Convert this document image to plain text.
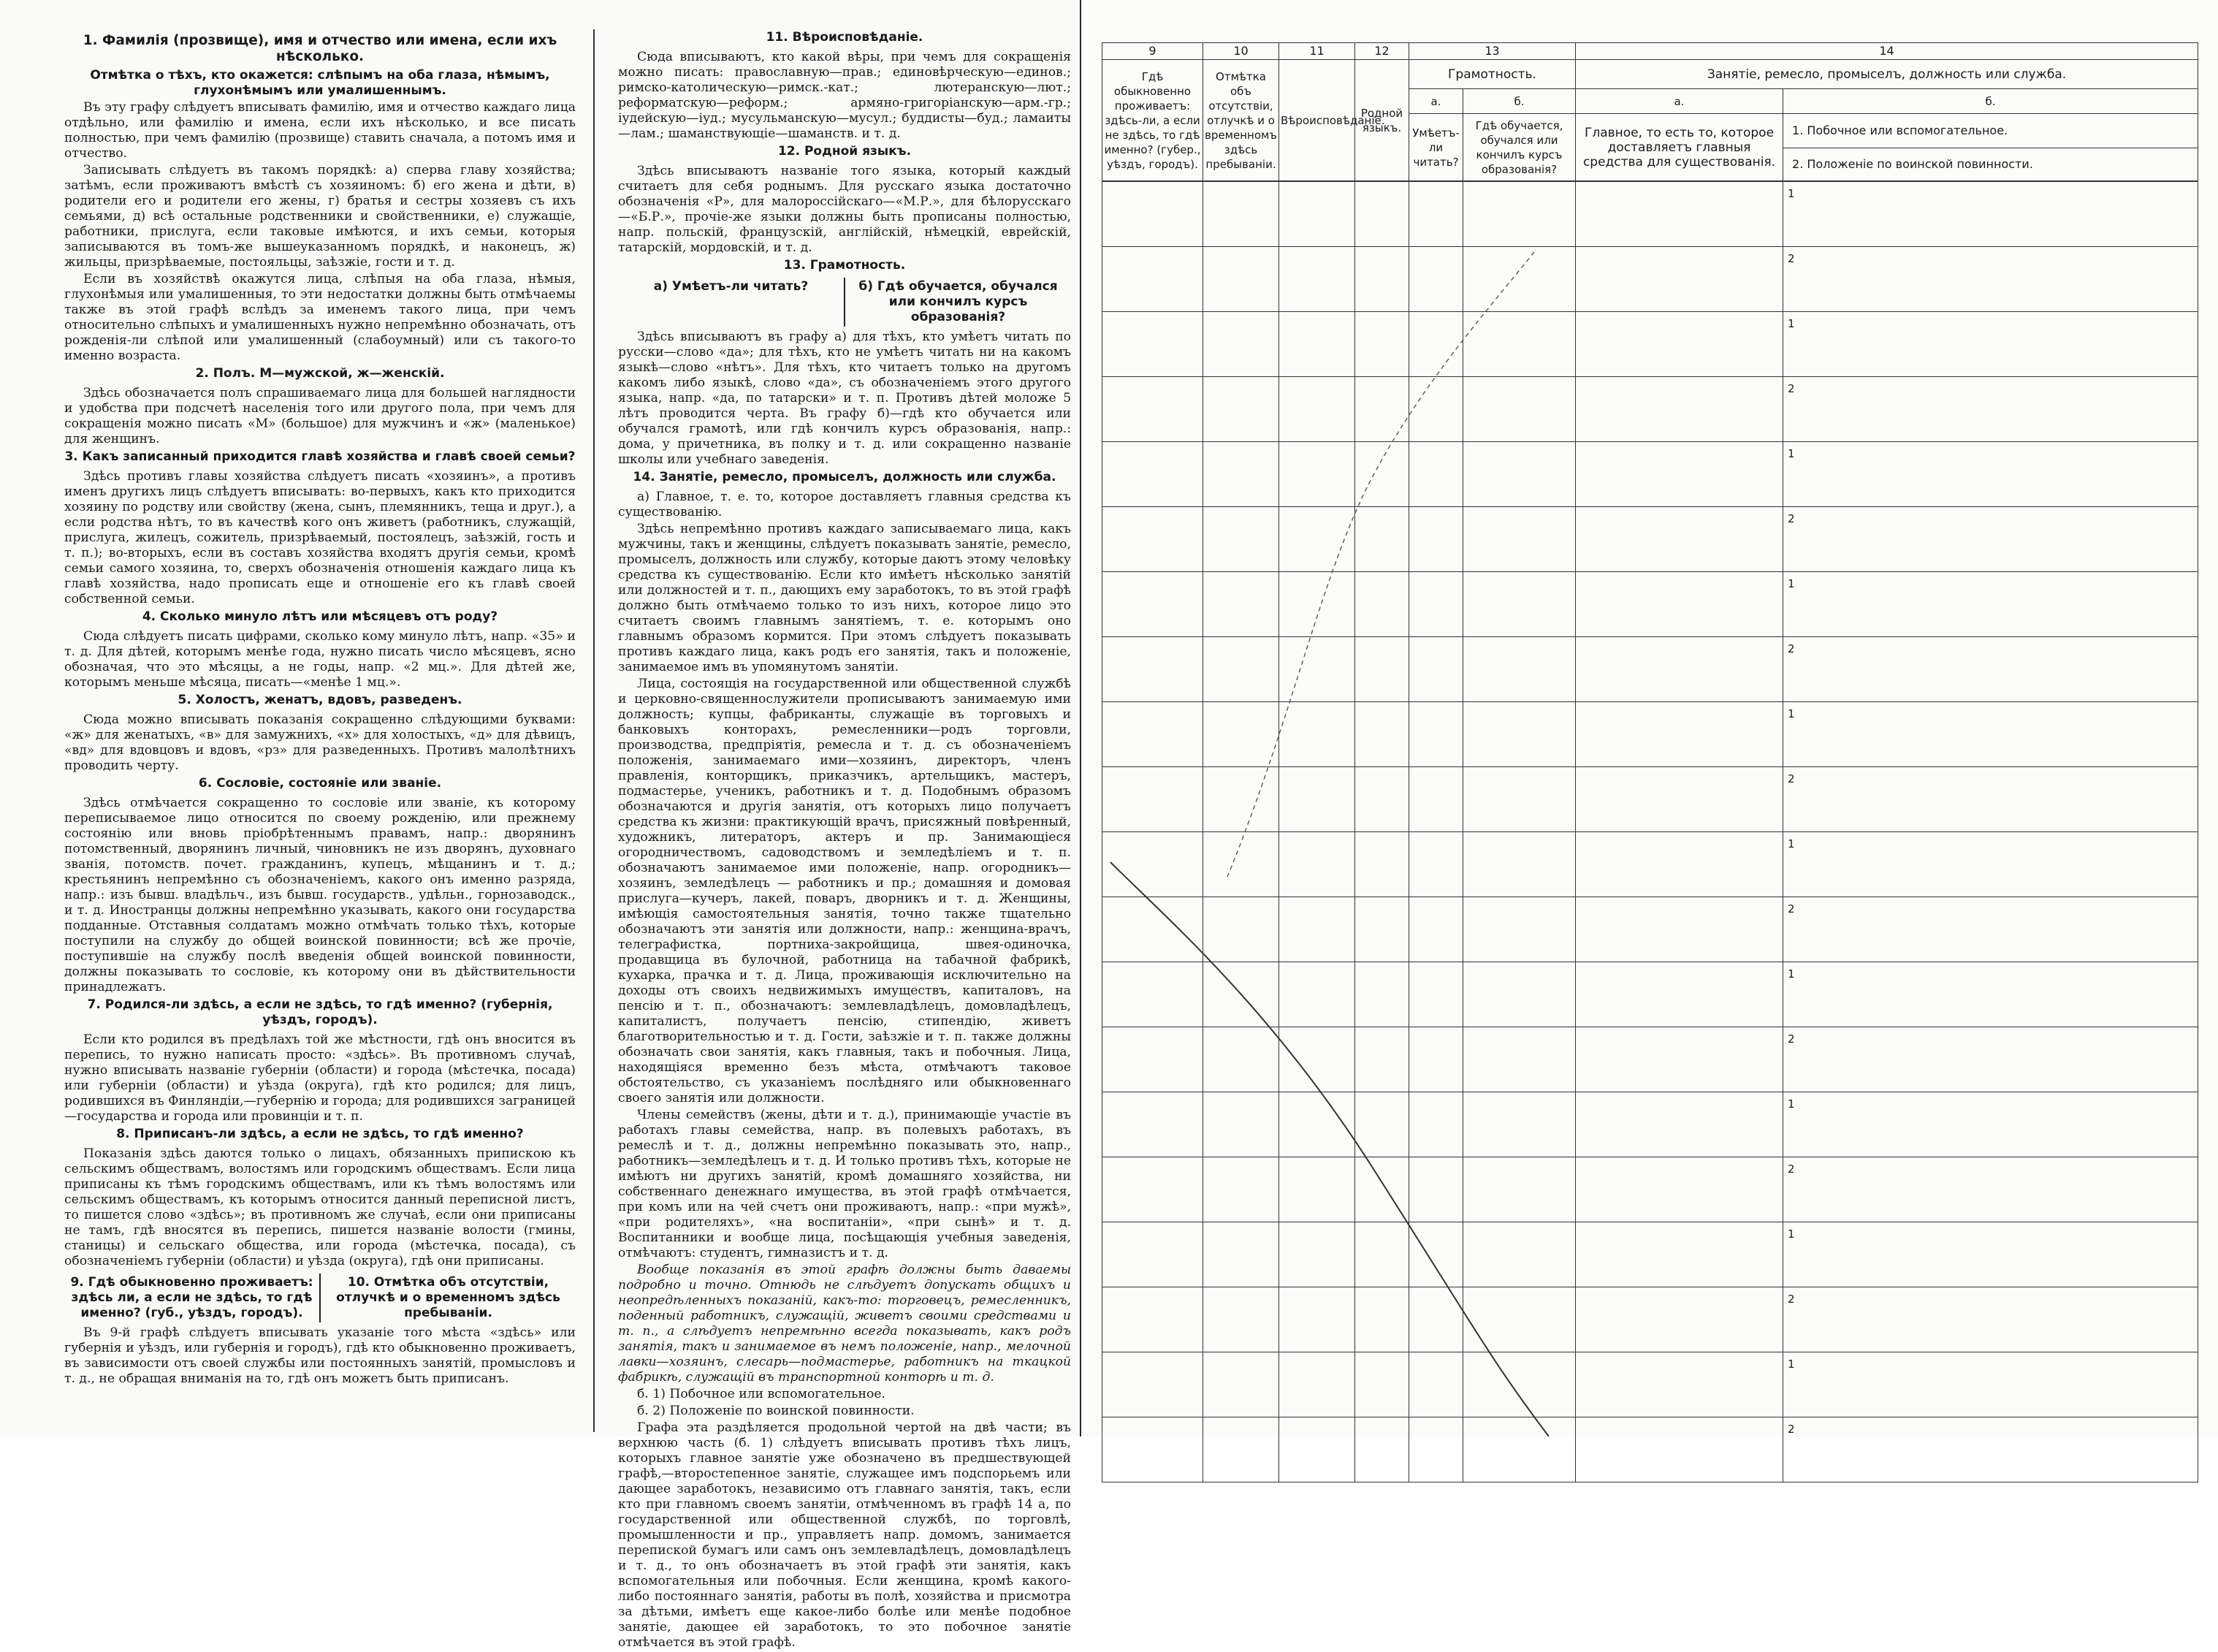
1. Фамилія (прозвище), имя и отчество или имена, если ихъ нѣсколько.
Отмѣтка о тѣхъ, кто окажется: слѣпымъ на оба глаза, нѣмымъ, глухонѣмымъ или умалишеннымъ.

Въ эту графу слѣдуетъ вписывать фамилію, имя и отчество каждаго лица отдѣльно, или фамилію и имена, если ихъ нѣсколько, и все писать полностью, при чемъ фамилію (прозвище) ставить сначала, а потомъ имя и отчество.

Записывать слѣдуетъ въ такомъ порядкѣ: а) сперва главу хозяйства; затѣмъ, если проживаютъ вмѣстѣ съ хозяиномъ: б) его жена и дѣти, в) родители его и родители его жены, г) братья и сестры хозяевъ съ ихъ семьями, д) всѣ остальные родственники и свойственники, е) служащіе, работники, прислуга, если таковые имѣются, и ихъ семьи, которыя записываются въ томъ-же вышеуказанномъ порядкѣ, и наконецъ, ж) жильцы, призрѣваемые, постояльцы, заѣзжіе, гости и т. д.

Если въ хозяйствѣ окажутся лица, слѣпыя на оба глаза, нѣмыя, глухонѣмыя или умалишенныя, то эти недостатки должны быть отмѣчаемы также въ этой графѣ вслѣдъ за именемъ такого лица, при чемъ относительно слѣпыхъ и умалишенныхъ нужно непремѣнно обозначать, отъ рожденія-ли слѣпой или умалишенный (слабоумный) или съ такого-то именно возраста.

2. Полъ. М—мужской, ж—женскій.

Здѣсь обозначается полъ спрашиваемаго лица для большей наглядности и удобства при подсчетѣ населенія того или другого пола, при чемъ для сокращенія можно писать «М» (большое) для мужчинъ и «ж» (маленькое) для женщинъ.

3. Какъ записанный приходится главѣ хозяйства и главѣ своей семьи?

Здѣсь противъ главы хозяйства слѣдуетъ писать «хозяинъ», а противъ именъ другихъ лицъ слѣдуетъ вписывать: во-первыхъ, какъ кто приходится хозяину по родству или свойству (жена, сынъ, племянникъ, теща и друг.), а если родства нѣтъ, то въ качествѣ кого онъ живетъ (работникъ, служащій, прислуга, жилецъ, сожитель, призрѣваемый, постоялецъ, заѣзжій, гость и т. п.); во-вторыхъ, если въ составъ хозяйства входятъ другія семьи, кромѣ семьи самого хозяина, то, сверхъ обозначенія отношенія каждаго лица къ главѣ хозяйства, надо прописать еще и отношеніе его къ главѣ своей собственной семьи.

4. Сколько минуло лѣтъ или мѣсяцевъ отъ роду?

Сюда слѣдуетъ писать цифрами, сколько кому минуло лѣтъ, напр. «35» и т. д. Для дѣтей, которымъ менѣе года, нужно писать число мѣсяцевъ, ясно обозначая, что это мѣсяцы, а не годы, напр. «2 мц.». Для дѣтей же, которымъ меньше мѣсяца, писать—«менѣе 1 мц.».

5. Холостъ, женатъ, вдовъ, разведенъ.

Сюда можно вписывать показанія сокращенно слѣдующими буквами: «ж» для женатыхъ, «в» для замужнихъ, «х» для холостыхъ, «д» для дѣвицъ, «вд» для вдовцовъ и вдовъ, «рз» для разведенныхъ. Противъ малолѣтнихъ проводить черту.

6. Сословіе, состояніе или званіе.

Здѣсь отмѣчается сокращенно то сословіе или званіе, къ которому переписываемое лицо относится по своему рожденію, или прежнему состоянію или вновь пріобрѣтеннымъ правамъ, напр.: дворянинъ потомственный, дворянинъ личный, чиновникъ не изъ дворянъ, духовнаго званія, потомств. почет. гражданинъ, купецъ, мѣщанинъ и т. д.; крестьянинъ непремѣнно съ обозначеніемъ, какого онъ именно разряда, напр.: изъ бывш. владѣльч., изъ бывш. государств., удѣльн., горнозаводск., и т. д. Иностранцы должны непремѣнно указывать, какого они государства подданные. Отставныя солдатамъ можно отмѣчать только тѣхъ, которые поступили на службу до общей воинской повинности; всѣ же прочіе, поступившіе на службу послѣ введенія общей воинской повинности, должны показывать то сословіе, къ которому они въ дѣйствительности принадлежатъ.

7. Родился-ли здѣсь, а если не здѣсь, то гдѣ именно? (губернія, уѣздъ, городъ).

Если кто родился въ предѣлахъ той же мѣстности, гдѣ онъ вносится въ перепись, то нужно написать просто: «здѣсь». Въ противномъ случаѣ, нужно вписывать названіе губерніи (области) и города (мѣстечка, посада) или губерніи (области) и уѣзда (округа), гдѣ кто родился; для лицъ, родившихся въ Финляндіи,—губернію и города; для родившихся заграницей—государства и города или провинціи и т. п.

8. Приписанъ-ли здѣсь, а если не здѣсь, то гдѣ именно?

Показанія здѣсь даются только о лицахъ, обязанныхъ припискою къ сельскимъ обществамъ, волостямъ или городскимъ обществамъ. Если лица приписаны къ тѣмъ городскимъ обществамъ, или къ тѣмъ волостямъ или сельскимъ обществамъ, къ которымъ относится данный переписной листъ, то пишется слово «здѣсь»; въ противномъ же случаѣ, если они приписаны не тамъ, гдѣ вносятся въ перепись, пишется названіе волости (гмины, станицы) и сельскаго общества, или города (мѣстечка, посада), съ обозначеніемъ губерніи (области) и уѣзда (округа), гдѣ они приписаны.

9. Гдѣ обыкновенно проживаетъ: здѣсь ли, а если не здѣсь, то гдѣ именно? (губ., уѣздъ, городъ).
10. Отмѣтка объ отсутствіи, отлучкѣ и о временномъ здѣсь пребываніи.

Въ 9-й графѣ слѣдуетъ вписывать указаніе того мѣста «здѣсь» или губернія и уѣздъ, или губернія и городъ), гдѣ кто обыкновенно проживаетъ, въ зависимости отъ своей службы или постоянныхъ занятій, промысловъ и т. д., не обращая вниманія на то, гдѣ онъ можетъ быть приписанъ.

11. Вѣроисповѣданіе.

Сюда вписываютъ, кто какой вѣры, при чемъ для сокращенія можно писать: православную—прав.; единовѣрческую—единов.; римско-католическую—римск.-кат.; лютеранскую—лют.; реформатскую—реформ.; армяно-григоріанскую—арм.-гр.; іудейскую—іуд.; мусульманскую—мусул.; буддисты—буд.; ламаиты—лам.; шаманствующіе—шаманств. и т. д.

12. Родной языкъ.

Здѣсь вписываютъ названіе того языка, который каждый считаетъ для себя роднымъ. Для русскаго языка достаточно обозначенія «Р», для малороссійскаго—«М.Р.», для бѣлорусскаго—«Б.Р.», прочіе-же языки должны быть прописаны полностью, напр. польскій, французскій, англійскій, нѣмецкій, еврейскій, татарскій, мордовскій, и т. д.

13. Грамотность.
а) Умѣетъ-ли читать?	б) Гдѣ обучается, обучался или кончилъ курсъ образованія?

Здѣсь вписываютъ въ графу а) для тѣхъ, кто умѣетъ читать по русски—слово «да»; для тѣхъ, кто не умѣетъ читать ни на какомъ языкѣ—слово «нѣтъ». Для тѣхъ, кто читаетъ только на другомъ какомъ либо языкѣ, слово «да», съ обозначеніемъ этого другого языка, напр. «да, по татарски» и т. п. Противъ дѣтей моложе 5 лѣтъ проводится черта. Въ графу б)—гдѣ кто обучается или обучался грамотѣ, или гдѣ кончилъ курсъ образованія, напр.: дома, у причетника, въ полку и т. д. или сокращенно названіе школы или учебнаго заведенія.

14. Занятіе, ремесло, промыселъ, должность или служба.

а) Главное, т. е. то, которое доставляетъ главныя средства къ существованію.

Здѣсь непремѣнно противъ каждаго записываемаго лица, какъ мужчины, такъ и женщины, слѣдуетъ показывать занятіе, ремесло, промыселъ, должность или службу, которые даютъ этому человѣку средства къ существованію. Если кто имѣетъ нѣсколько занятій или должностей и т. п., дающихъ ему заработокъ, то въ этой графѣ должно быть отмѣчаемо только то изъ нихъ, которое лицо это считаетъ своимъ главнымъ занятіемъ, т. е. которымъ оно главнымъ образомъ кормится. При этомъ слѣдуетъ показывать противъ каждаго лица, какъ родъ его занятія, такъ и положеніе, занимаемое имъ въ упомянутомъ занятіи.

Лица, состоящія на государственной или общественной службѣ и церковно-священнослужители прописываютъ занимаемую ими должность; купцы, фабриканты, служащіе въ торговыхъ и банковыхъ конторахъ, ремесленники—родъ торговли, производства, предпріятія, ремесла и т. д. съ обозначеніемъ положенія, занимаемаго ими—хозяинъ, директоръ, членъ правленія, конторщикъ, приказчикъ, артельщикъ, мастеръ, подмастерье, ученикъ, работникъ и т. д. Подобнымъ образомъ обозначаются и другія занятія, отъ которыхъ лицо получаетъ средства къ жизни: практикующій врачъ, присяжный повѣренный, художникъ, литераторъ, актеръ и пр. Занимающіеся огородничествомъ, садоводствомъ и земледѣліемъ и т. п. обозначаютъ занимаемое ими положеніе, напр. огородникъ—хозяинъ, земледѣлецъ — работникъ и пр.; домашняя и домовая прислуга—кучеръ, лакей, поваръ, дворникъ и т. д. Женщины, имѣющія самостоятельныя занятія, точно также тщательно обозначаютъ эти занятія или должности, напр.: женщина-врачъ, телеграфистка, портниха-закройщица, швея-одиночка, продавщица въ булочной, работница на табачной фабрикѣ, кухарка, прачка и т. д. Лица, проживающія исключительно на доходы отъ своихъ недвижимыхъ имуществъ, капиталовъ, на пенсію и т. п., обозначаютъ: землевладѣлецъ, домовладѣлецъ, капиталистъ, получаетъ пенсію, стипендію, живетъ благотворительностью и т. д. Гости, заѣзжіе и т. п. также должны обозначать свои занятія, какъ главныя, такъ и побочныя. Лица, находящіяся временно безъ мѣста, отмѣчаютъ таковое обстоятельство, съ указаніемъ послѣдняго или обыкновеннаго своего занятія или должности.

Члены семействъ (жены, дѣти и т. д.), принимающіе участіе въ работахъ главы семейства, напр. въ полевыхъ работахъ, въ ремеслѣ и т. д., должны непремѣнно показывать это, напр., работникъ—земледѣлецъ и т. д. И только противъ тѣхъ, которые не имѣютъ ни другихъ занятій, кромѣ домашняго хозяйства, ни собственнаго денежнаго имущества, въ этой графѣ отмѣчается, при комъ или на чей счетъ они проживаютъ, напр.: «при мужѣ», «при родителяхъ», «на воспитаніи», «при сынѣ» и т. д. Воспитанники и вообще лица, посѣщающія учебныя заведенія, отмѣчаютъ: студентъ, гимназистъ и т. д.

Вообще показанія въ этой графѣ должны быть даваемы подробно и точно. Отнюдь не слѣдуетъ допускать общихъ и неопредѣленныхъ показаній, какъ-то: торговецъ, ремесленникъ, поденный работникъ, служащій, живетъ своими средствами и т. п., а слѣдуетъ непремѣнно всегда показывать, какъ родъ занятія, такъ и занимаемое въ немъ положеніе, напр., мелочной лавки—хозяинъ, слесарь—подмастерье, работникъ на ткацкой фабрикѣ, служащій въ транспортной конторѣ и т. д.

б. 1) Побочное или вспомогательное.

б. 2) Положеніе по воинской повинности.

Графа эта раздѣляется продольной чертой на двѣ части; въ верхнюю часть (б. 1) слѣдуетъ вписывать противъ тѣхъ лицъ, которыхъ главное занятіе уже обозначено въ предшествующей графѣ,—второстепенное занятіе, служащее имъ подспорьемъ или дающее заработокъ, независимо отъ главнаго занятія, такъ, если кто при главномъ своемъ занятіи, отмѣченномъ въ графѣ 14 а, по государственной или общественной службѣ, по торговлѣ, промышленности и пр., управляетъ напр. домомъ, занимается перепиской бумагъ или самъ онъ землевладѣлецъ, домовладѣлецъ и т. д., то онъ обозначаетъ въ этой графѣ эти занятія, какъ вспомогательныя или побочныя. Если женщина, кромѣ какого-либо постояннаго занятія, работы въ полѣ, хозяйства и присмотра за дѣтьми, имѣетъ еще какое-либо болѣе или менѣе подобное занятіе, дающее ей заработокъ, то это побочное занятіе отмѣчается въ этой графѣ.

9	10	11	12	13		14	
Гдѣ обыкновенно проживаетъ: здѣсь-ли, а если не здѣсь, то гдѣ именно? (губер., уѣздъ, городъ).	Отмѣтка объ отсутствіи, отлучкѣ и о временномъ здѣсь пребываніи.	Вѣроисповѣданіе.	Родной языкъ.	Грамотность.		Занятіе, ремесло, промыселъ, должность или служба.	
				а.	б.	а.	б.
				Умѣетъ-ли читать?	Гдѣ обучается, обучался или кончилъ курсъ образованія?	Главное, то есть то, которое доставляетъ главныя средства для существованія.	1. Побочное или вспомогательное.
2. Положеніе по воинской повинности.
							1
							2
							1
							2
							1
							2
							1
							2
							1
							2
							1
							2
							1
							2
							1
							2
							1
							2
							1
							2
